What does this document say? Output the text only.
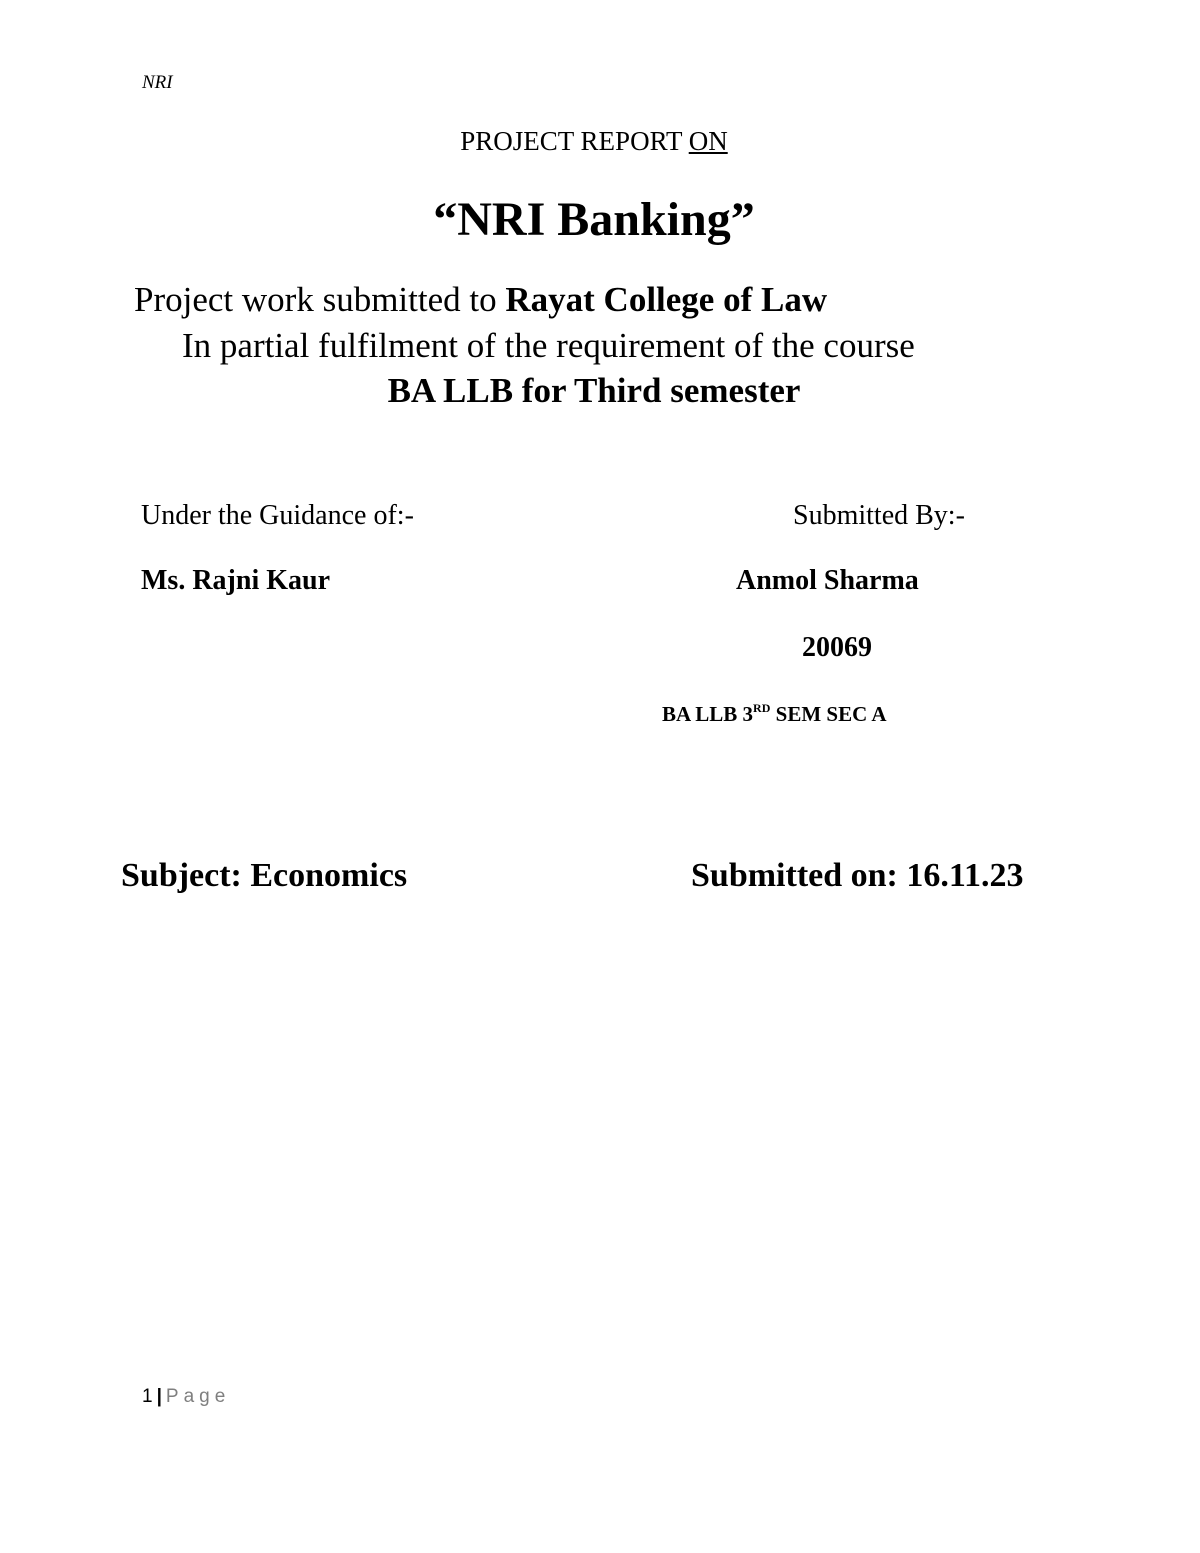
NRI
PROJECT REPORT ON
“NRI Banking”
Project work submitted to Rayat College of Law
In partial fulfilment of the requirement of the course
BA LLB for Third semester
Under the Guidance of:-	Submitted By:-
Ms. Rajni Kaur	Anmol Sharma
20069
BA LLB 3RD SEM SEC A
Subject: Economics	Submitted on: 16.11.23
1 | Page
